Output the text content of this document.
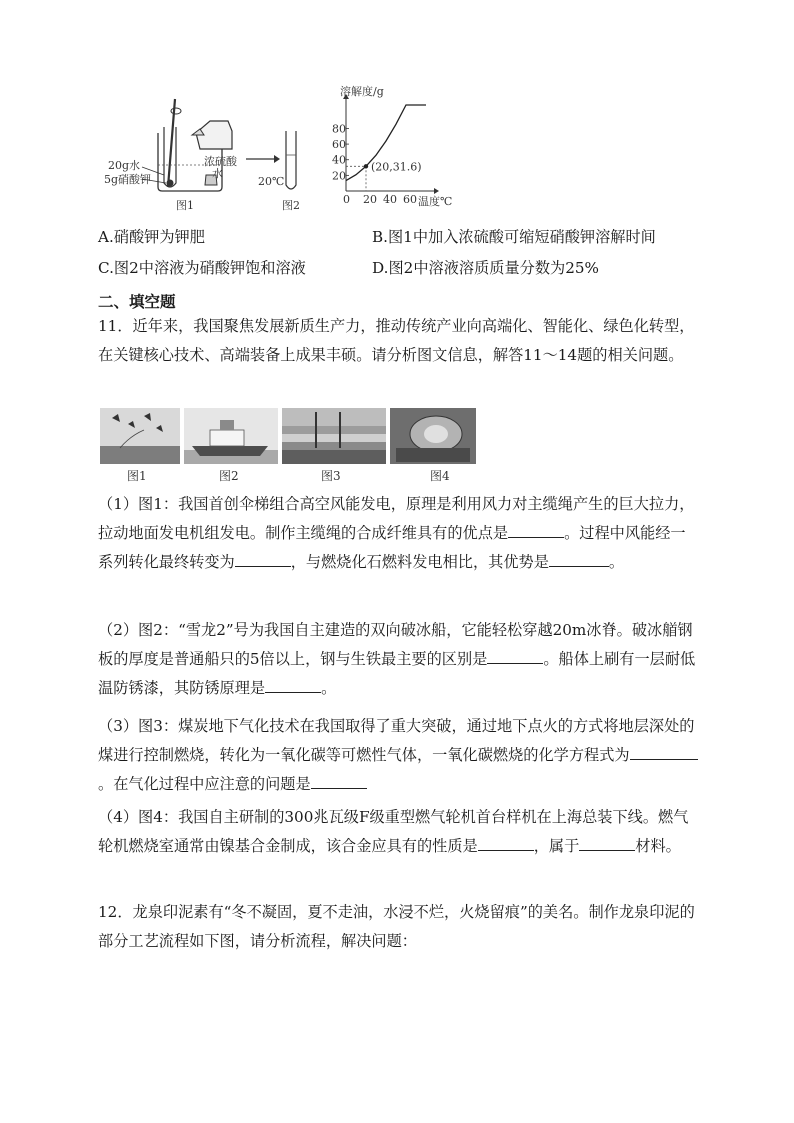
20g水
5g硝酸钾
浓硫酸
水
图1
20℃
图2	0 20 40 60
20
40
60
80
溶解度/g
温度℃
(20,31.6)
A.硝酸钾为钾肥	B.图1中加入浓硫酸可缩短硝酸钾溶解时间
C.图2中溶液为硝酸钾饱和溶液	D.图2中溶液溶质质量分数为25%
二、填空题
11．近年来，我国聚焦发展新质生产力，推动传统产业向高端化、智能化、绿色化转型，在关键核心技术、高端装备上成果丰硕。请分析图文信息，解答11～14题的相关问题。
图1	图2	图3	图4
（1）图1：我国首创伞梯组合高空风能发电，原理是利用风力对主缆绳产生的巨大拉力，拉动地面发电机组发电。制作主缆绳的合成纤维具有的优点是	。过程中风能经一系列转化最终转变为	，与燃烧化石燃料发电相比，其优势是	。
（2）图2：“雪龙2”号为我国自主建造的双向破冰船，它能轻松穿越20m冰脊。破冰艏钢板的厚度是普通船只的5倍以上，钢与生铁最主要的区别是	。船体上刷有一层耐低温防锈漆，其防锈原理是	。
（3）图3：煤炭地下气化技术在我国取得了重大突破，通过地下点火的方式将地层深处的煤进行控制燃烧，转化为一氧化碳等可燃性气体，一氧化碳燃烧的化学方程式为。在气化过程中应注意的问题是
（4）图4：我国自主研制的300兆瓦级F级重型燃气轮机首台样机在上海总装下线。燃气轮机燃烧室通常由镍基合金制成，该合金应具有的性质是	，属于	材料。
12．龙泉印泥素有“冬不凝固，夏不走油，水浸不烂，火烧留痕”的美名。制作龙泉印泥的部分工艺流程如下图，请分析流程，解决问题：
